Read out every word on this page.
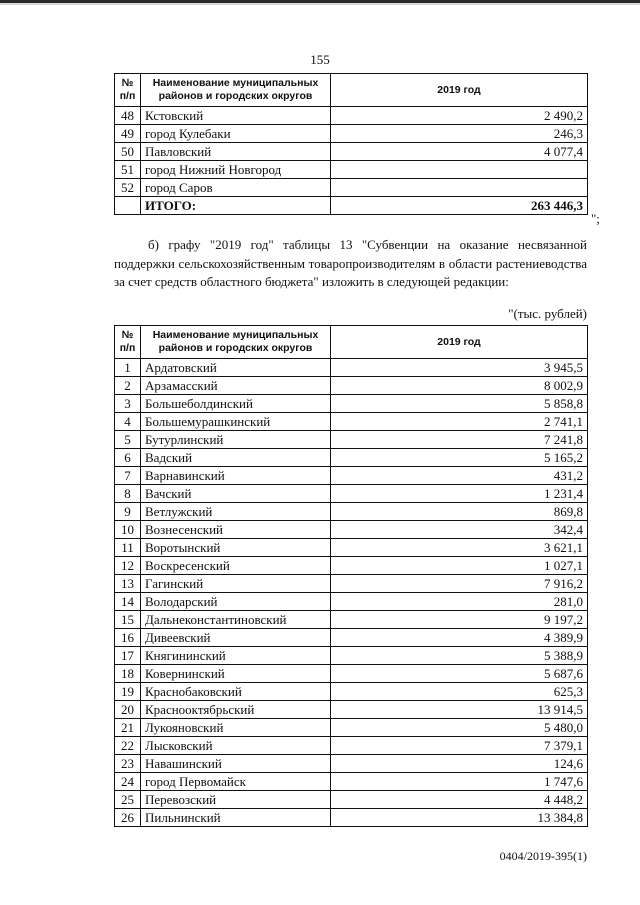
155
№ п/п	Наименование муниципальных районов и городских округов	2019 год
48	Кстовский	2 490,2
49	город Кулебаки	246,3
50	Павловский	4 077,4
51	город Нижний Новгород	
52	город Саров	
	ИТОГО:	263 446,3
";

б) графу "2019 год" таблицы 13 "Субвенции на оказание несвязанной поддержки сельскохозяйственным товаропроизводителям в области растениеводства за счет средств областного бюджета" изложить в следующей редакции:

"(тыс. рублей)
№ п/п	Наименование муниципальных районов и городских округов	2019 год
1	Ардатовский	3 945,5
2	Арзамасский	8 002,9
3	Большеболдинский	5 858,8
4	Большемурашкинский	2 741,1
5	Бутурлинский	7 241,8
6	Вадский	5 165,2
7	Варнавинский	431,2
8	Вачский	1 231,4
9	Ветлужский	869,8
10	Вознесенский	342,4
11	Воротынский	3 621,1
12	Воскресенский	1 027,1
13	Гагинский	7 916,2
14	Володарский	281,0
15	Дальнеконстантиновский	9 197,2
16	Дивеевский	4 389,9
17	Княгининский	5 388,9
18	Ковернинский	5 687,6
19	Краснобаковский	625,3
20	Краснооктябрьский	13 914,5
21	Лукояновский	5 480,0
22	Лысковский	7 379,1
23	Навашинский	124,6
24	город Первомайск	1 747,6
25	Перевозский	4 448,2
26	Пильнинский	13 384,8
0404/2019-395(1)
